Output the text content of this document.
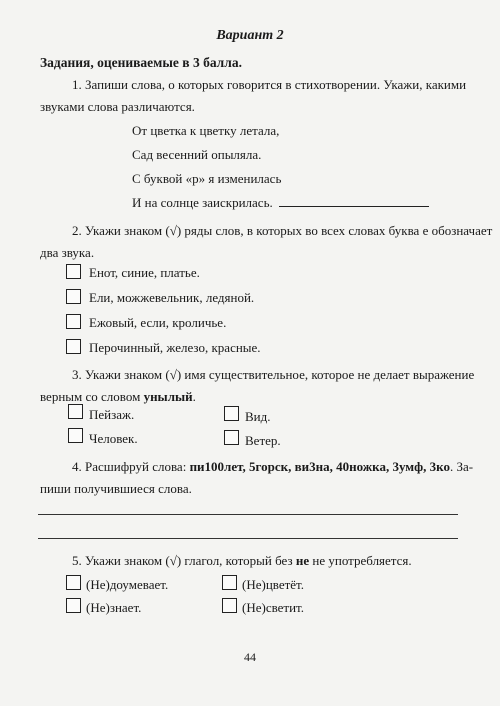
Вариант 2
Задания, оцениваемые в 3 балла.
1. Запиши слова, о которых говорится в стихотворении. Укажи, какими
звуками слова различаются.
От цветка к цветку летала,
Сад весенний опыляла.
С буквой «р» я изменилась
И на солнце заискрилась.
2. Укажи знаком (√) ряды слов, в которых во всех словах буква е обозначает
два звука.
Енот, синие, платье.
Ели, можжевельник, ледяной.
Ежовый, если, кроличье.
Перочинный, железо, красные.
3. Укажи знаком (√) имя существительное, которое не делает выражение
верным со словом унылый.
Пейзаж.	Вид.
Человек.	Ветер.
4. Расшифруй слова: пи100лет, 5горск, ви3на, 40ножка, 3умф, 3ко. За-
пиши получившиеся слова.
5. Укажи знаком (√) глагол, который без не не употребляется.
(Не)доумевает.	(Не)цветёт.
(Не)знает.	(Не)светит.
44
